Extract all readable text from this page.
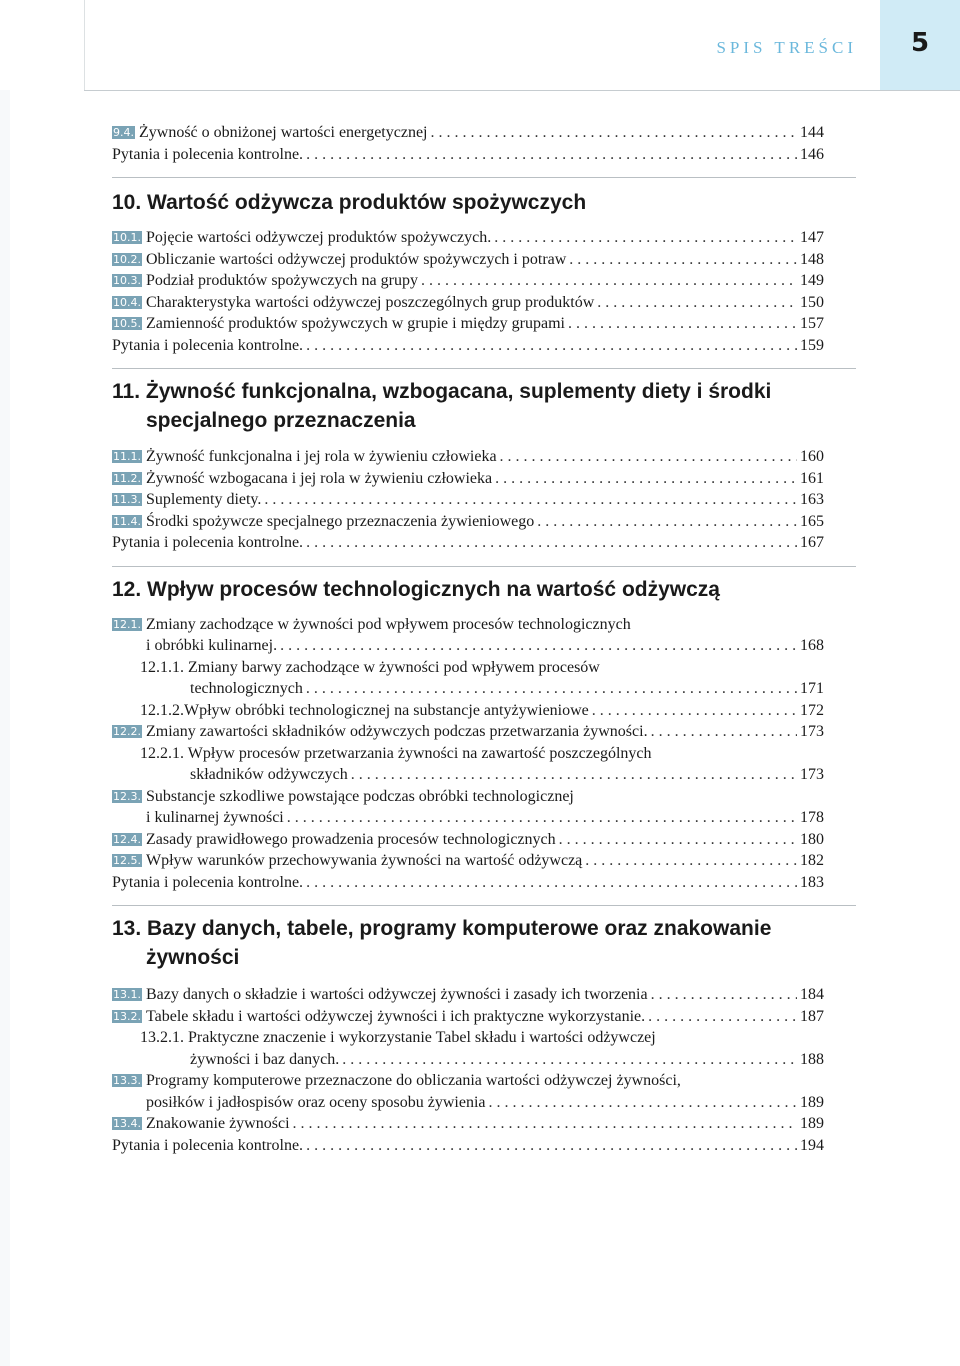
SPIS TREŚCI	5
9.4. Żywność o obniżonej wartości energetycznej . . .	144
Pytania i polecenia kontrolne. . . .	146
10. Wartość odżywcza produktów spożywczych
10.1. Pojęcie wartości odżywczej produktów spożywczych. . . .	147
10.2. Obliczanie wartości odżywczej produktów spożywczych i potraw . . .	148
10.3. Podział produktów spożywczych na grupy . . .	149
10.4. Charakterystyka wartości odżywczej poszczególnych grup produktów . . .	150
10.5. Zamienność produktów spożywczych w grupie i między grupami . . .	157
Pytania i polecenia kontrolne. . . .	159
11. Żywność funkcjonalna, wzbogacana, suplementy diety i środki
specjalnego przeznaczenia
11.1. Żywność funkcjonalna i jej rola w żywieniu człowieka . . .	160
11.2. Żywność wzbogacana i jej rola w żywieniu człowieka . . .	161
11.3. Suplementy diety. . . .	163
11.4. Środki spożywcze specjalnego przeznaczenia żywieniowego . . .	165
Pytania i polecenia kontrolne. . . .	167
12. Wpływ procesów technologicznych na wartość odżywczą
12.1. Zmiany zachodzące w żywności pod wpływem procesów technologicznych
i obróbki kulinarnej. . . .	168
12.1.1. Zmiany barwy zachodzące w żywności pod wpływem procesów
technologicznych . . .	171
12.1.2.Wpływ obróbki technologicznej na substancje antyżywieniowe . . .	172
12.2. Zmiany zawartości składników odżywczych podczas przetwarzania żywności. . . .	173
12.2.1. Wpływ procesów przetwarzania żywności na zawartość poszczególnych
składników odżywczych . . .	173
12.3. Substancje szkodliwe powstające podczas obróbki technologicznej
i kulinarnej żywności . . .	178
12.4. Zasady prawidłowego prowadzenia procesów technologicznych . . .	180
12.5. Wpływ warunków przechowywania żywności na wartość odżywczą . . .	182
Pytania i polecenia kontrolne. . . .	183
13. Bazy danych, tabele, programy komputerowe oraz znakowanie
żywności
13.1. Bazy danych o składzie i wartości odżywczej żywności i zasady ich tworzenia . . .	184
13.2. Tabele składu i wartości odżywczej żywności i ich praktyczne wykorzystanie. . . .	187
13.2.1. Praktyczne znaczenie i wykorzystanie Tabel składu i wartości odżywczej
żywności i baz danych. . . .	188
13.3. Programy komputerowe przeznaczone do obliczania wartości odżywczej żywności,
posiłków i jadłospisów oraz oceny sposobu żywienia . . .	189
13.4. Znakowanie żywności . . .	189
Pytania i polecenia kontrolne. . . .	194
